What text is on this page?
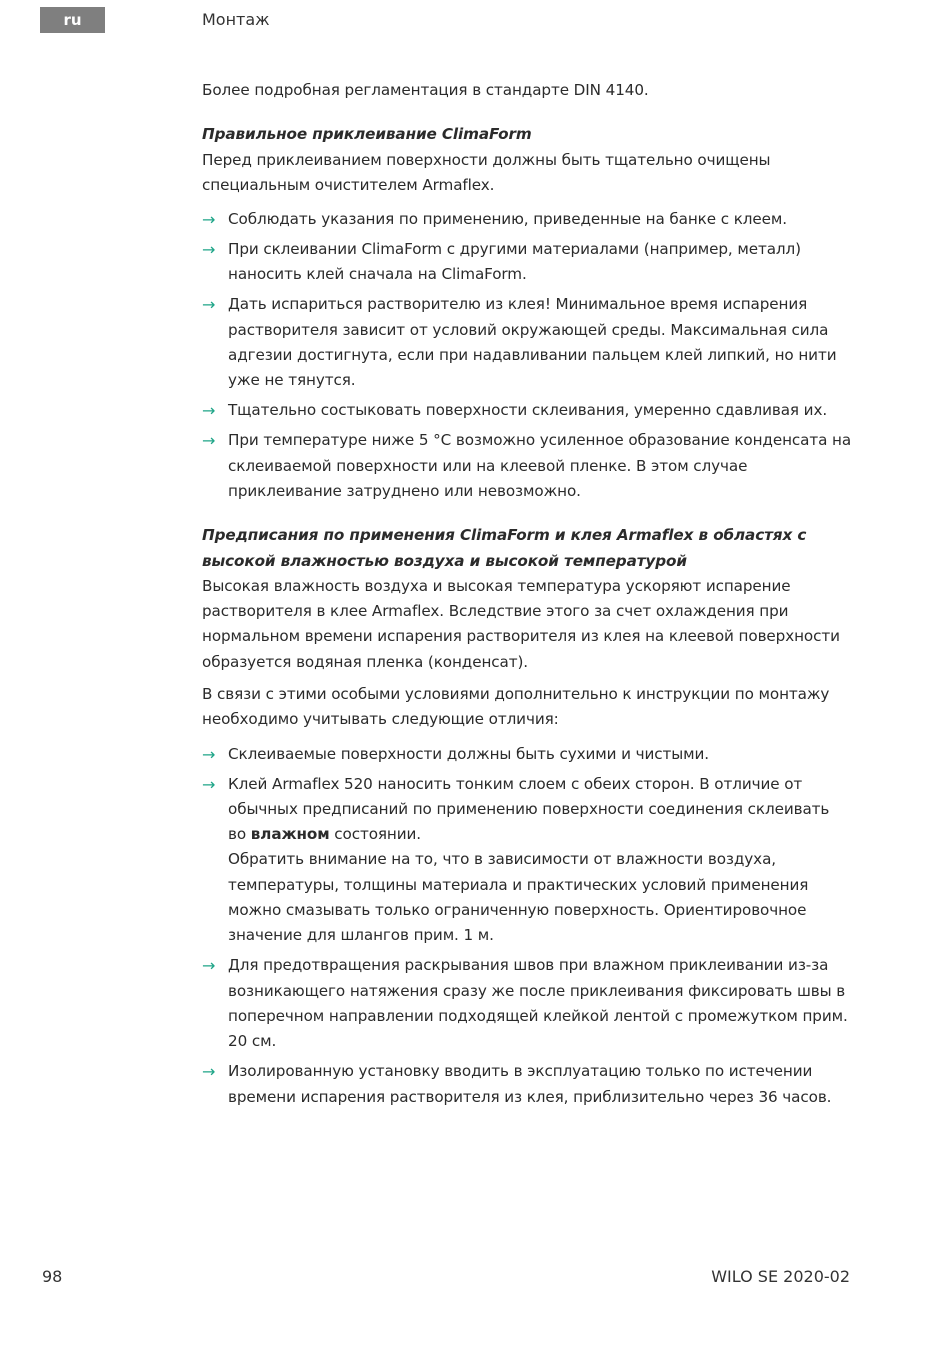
ru	Монтаж

Более подробная регламентация в стандарте DIN 4140.

Правильное приклеивание ClimaForm

Перед приклеиванием поверхности должны быть тщательно очищены специальным очистителем Armaflex.

→ Соблюдать указания по применению, приведенные на банке с клеем.
→ При склеивании ClimaForm с другими материалами (например, металл) наносить клей сначала на ClimaForm.
→ Дать испариться растворителю из клея! Минимальное время испарения растворителя зависит от условий окружающей среды. Максимальная сила адгезии достигнута, если при надавливании пальцем клей липкий, но нити уже не тянутся.
→ Тщательно состыковать поверхности склеивания, умеренно сдавливая их.
→ При температуре ниже 5 °C возможно усиленное образование конденсата на склеиваемой поверхности или на клеевой пленке. В этом случае приклеивание затруднено или невозможно.

Предписания по применения ClimaForm и клея Armaflex в областях с высокой влажностью воздуха и высокой температурой

Высокая влажность воздуха и высокая температура ускоряют испарение растворителя в клее Armaflex. Вследствие этого за счет охлаждения при нормальном времени испарения растворителя из клея на клеевой поверхности образуется водяная пленка (конденсат).

В связи с этими особыми условиями дополнительно к инструкции по монтажу необходимо учитывать следующие отличия:

→ Склеиваемые поверхности должны быть сухими и чистыми.
→ Клей Armaflex 520 наносить тонким слоем с обеих сторон. В отличие от обычных предписаний по применению поверхности соединения склеивать во влажном состоянии.
Обратить внимание на то, что в зависимости от влажности воздуха, температуры, толщины материала и практических условий применения можно смазывать только ограниченную поверхность. Ориентировочное значение для шлангов прим. 1 м.
→ Для предотвращения раскрывания швов при влажном приклеивании из-за возникающего натяжения сразу же после приклеивания фиксировать швы в поперечном направлении подходящей клейкой лентой с промежутком прим. 20 см.
→ Изолированную установку вводить в эксплуатацию только по истечении времени испарения растворителя из клея, приблизительно через 36 часов.
98	WILO SE 2020-02
